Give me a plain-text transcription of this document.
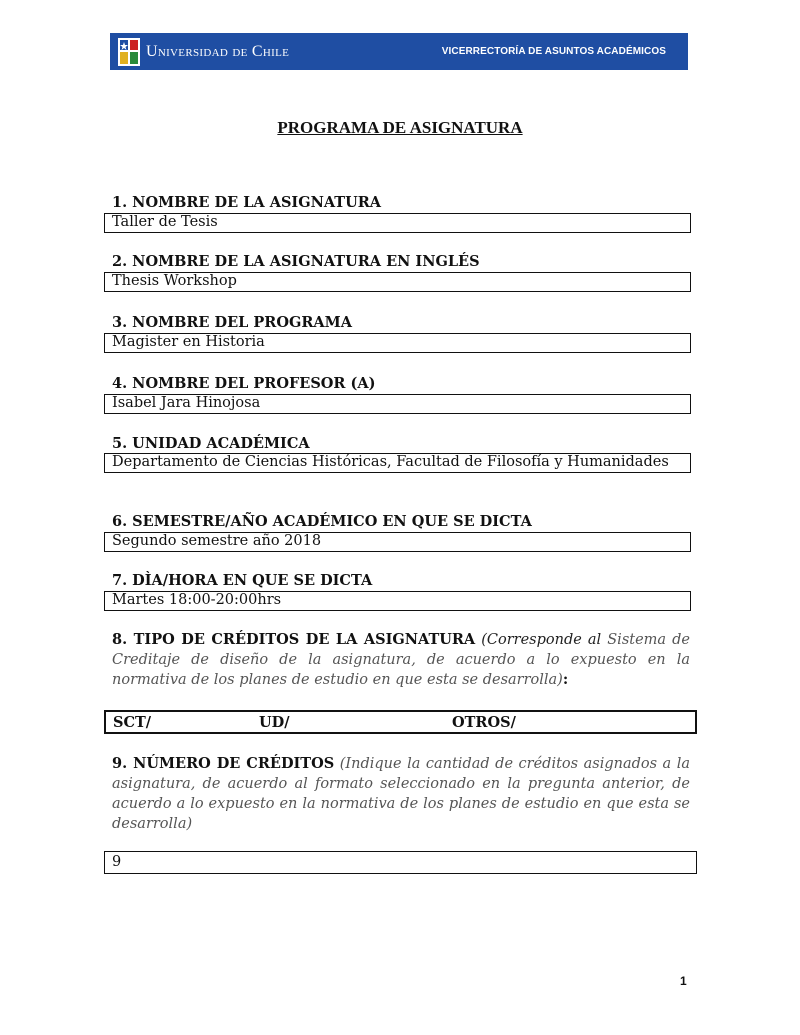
Universidad de Chile	VICERRECTORÍA DE ASUNTOS ACADÉMICOS
PROGRAMA DE ASIGNATURA

1. NOMBRE DE LA ASIGNATURA

Taller de Tesis

2. NOMBRE DE LA ASIGNATURA EN INGLÉS

Thesis Workshop

3. NOMBRE DEL PROGRAMA

Magister en Historia

4. NOMBRE DEL PROFESOR (A)

Isabel Jara Hinojosa

5. UNIDAD ACADÉMICA

Departamento de Ciencias Históricas, Facultad de Filosofía y Humanidades

6. SEMESTRE/AÑO ACADÉMICO EN QUE SE DICTA

Segundo semestre año 2018

7. DÌA/HORA EN QUE SE DICTA

Martes 18:00-20:00hrs

8. TIPO DE CRÉDITOS DE LA ASIGNATURA (Corresponde al Sistema de Creditaje de diseño de la asignatura, de acuerdo a lo expuesto en la normativa de los planes de estudio en que esta se desarrolla):

SCT/	UD/	OTROS/

9. NÚMERO DE CRÉDITOS (Indique la cantidad de créditos asignados a la asignatura, de acuerdo al formato seleccionado en la pregunta anterior, de acuerdo a lo expuesto en la normativa de los planes de estudio en que esta se desarrolla)

9
1
